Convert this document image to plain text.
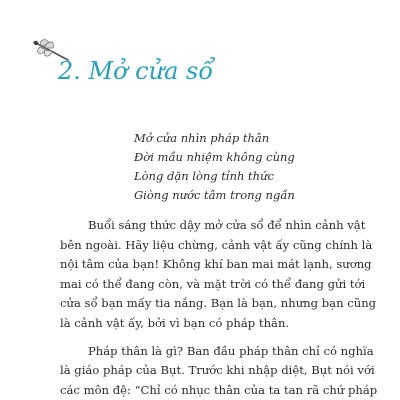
2. Mở cửa sổ
Mở cửa nhìn pháp thân
Đời mầu nhiệm không cùng
Lòng dặn lòng tỉnh thức
Giòng nước tâm trong ngần

Buổi sáng thức dậy mở cửa sổ để nhìn cảnh vật
bên ngoài. Hãy liệu chừng, cảnh vật ấy cũng chính là
nội tâm của bạn! Không khí ban mai mát lạnh, sương
mai có thể đang còn, và mặt trời có thể đang gửi tới
cửa sổ bạn mấy tia nắng. Bạn là bạn, nhưng bạn cũng
là cảnh vật ấy, bởi vì bạn có pháp thân.

Pháp thân là gì? Ban đầu pháp thân chỉ có nghĩa
là giáo pháp của Bụt. Trước khi nhập diệt, Bụt nói với
các môn đệ: “Chỉ có nhục thân của ta tan rã chứ pháp
